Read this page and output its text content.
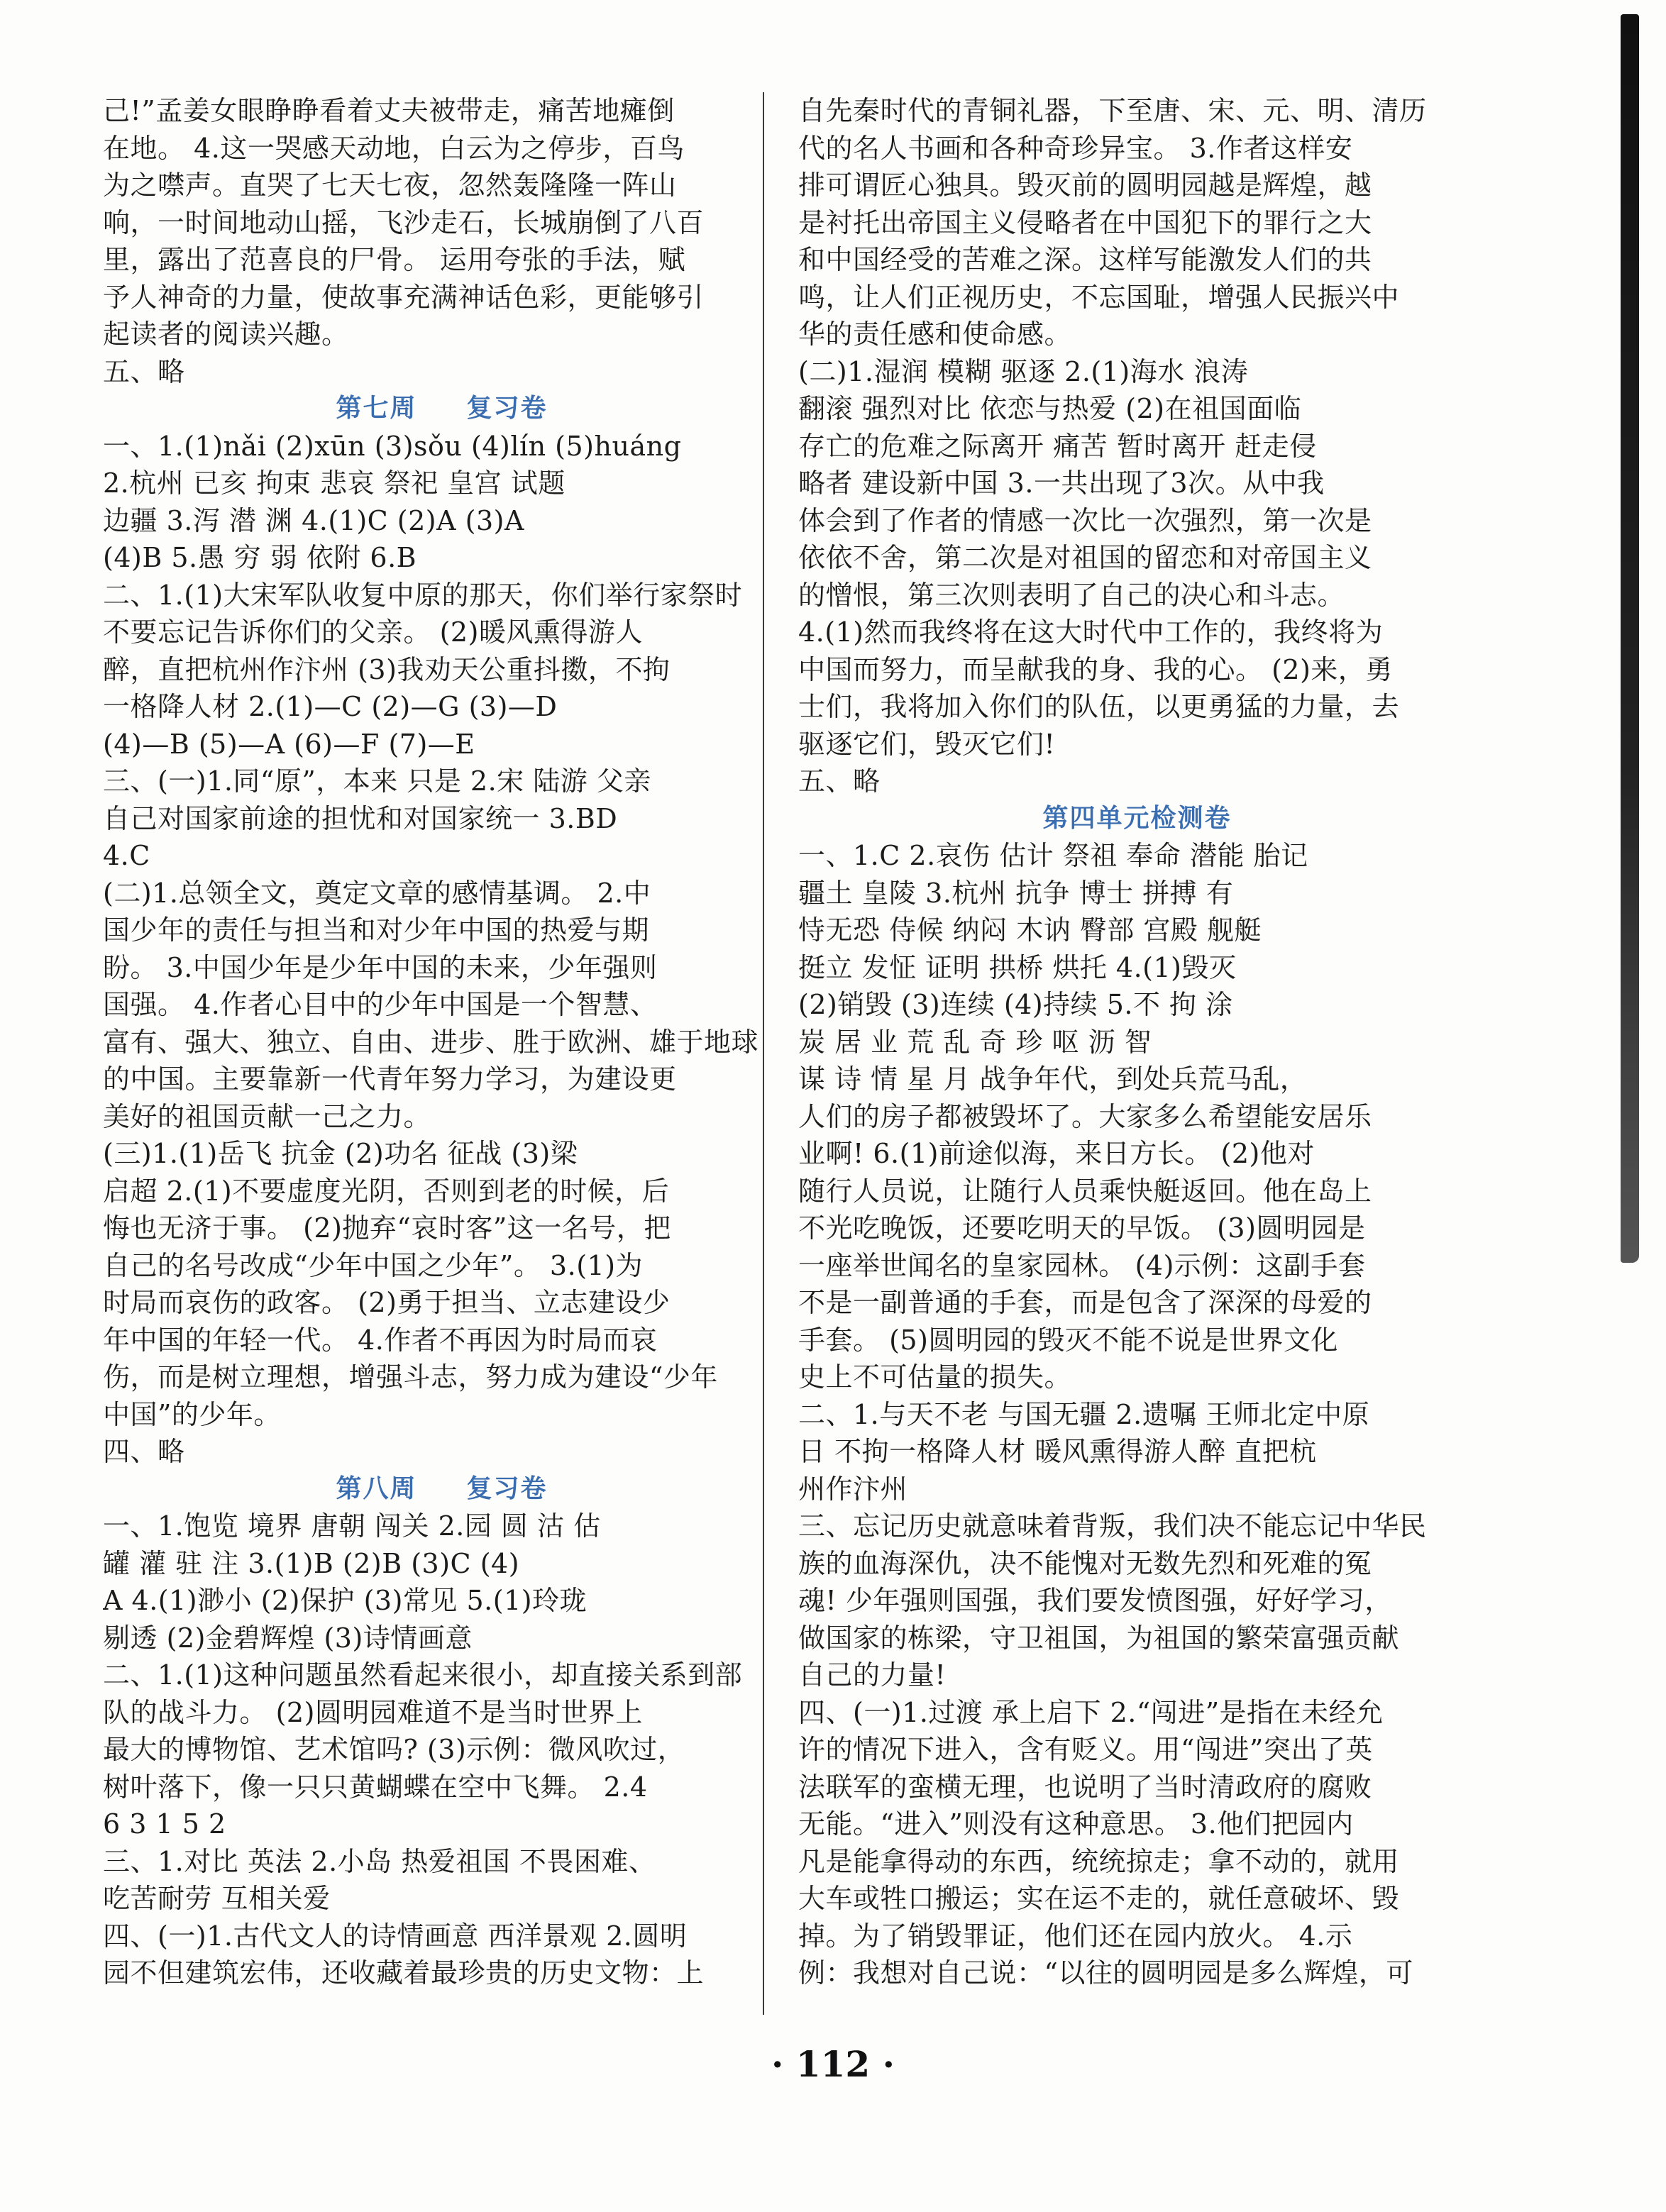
己!”孟姜女眼睁睁看着丈夫被带走，痛苦地瘫倒
在地。 4.这一哭感天动地，白云为之停步，百鸟
为之噤声。直哭了七天七夜，忽然轰隆隆一阵山
响，一时间地动山摇，飞沙走石，长城崩倒了八百
里，露出了范喜良的尸骨。 运用夸张的手法，赋
予人神奇的力量，使故事充满神话色彩，更能够引
起读者的阅读兴趣。
五、略
第七周 复习卷
一、1.(1)nǎi (2)xūn (3)sǒu (4)lín (5)huáng
2.杭州 已亥 拘束 悲哀 祭祀 皇宫 试题
边疆 3.泻 潜 渊 4.(1)C (2)A (3)A
(4)B 5.愚 穷 弱 依附 6.B
二、1.(1)大宋军队收复中原的那天，你们举行家祭时
不要忘记告诉你们的父亲。 (2)暖风熏得游人
醉，直把杭州作汴州 (3)我劝天公重抖擞，不拘
一格降人材 2.(1)—C (2)—G (3)—D
(4)—B (5)—A (6)—F (7)—E
三、(一)1.同“原”，本来 只是 2.宋 陆游 父亲
自己对国家前途的担忧和对国家统一 3.BD
4.C
(二)1.总领全文，奠定文章的感情基调。 2.中
国少年的责任与担当和对少年中国的热爱与期
盼。 3.中国少年是少年中国的未来，少年强则
国强。 4.作者心目中的少年中国是一个智慧、
富有、强大、独立、自由、进步、胜于欧洲、雄于地球
的中国。主要靠新一代青年努力学习，为建设更
美好的祖国贡献一己之力。
(三)1.(1)岳飞 抗金 (2)功名 征战 (3)梁
启超 2.(1)不要虚度光阴，否则到老的时候，后
悔也无济于事。 (2)抛弃“哀时客”这一名号，把
自己的名号改成“少年中国之少年”。 3.(1)为
时局而哀伤的政客。 (2)勇于担当、立志建设少
年中国的年轻一代。 4.作者不再因为时局而哀
伤，而是树立理想，增强斗志，努力成为建设“少年
中国”的少年。
四、略
第八周 复习卷
一、1.饱览 境界 唐朝 闯关 2.园 圆 沽 估
罐 灌 驻 注 3.(1)B (2)B (3)C (4)
A 4.(1)渺小 (2)保护 (3)常见 5.(1)玲珑
剔透 (2)金碧辉煌 (3)诗情画意
二、1.(1)这种问题虽然看起来很小，却直接关系到部
队的战斗力。 (2)圆明园难道不是当时世界上
最大的博物馆、艺术馆吗? (3)示例：微风吹过，
树叶落下，像一只只黄蝴蝶在空中飞舞。 2.4
6 3 1 5 2
三、1.对比 英法 2.小岛 热爱祖国 不畏困难、
吃苦耐劳 互相关爱
四、(一)1.古代文人的诗情画意 西洋景观 2.圆明
园不但建筑宏伟，还收藏着最珍贵的历史文物：上
自先秦时代的青铜礼器，下至唐、宋、元、明、清历
代的名人书画和各种奇珍异宝。 3.作者这样安
排可谓匠心独具。毁灭前的圆明园越是辉煌，越
是衬托出帝国主义侵略者在中国犯下的罪行之大
和中国经受的苦难之深。这样写能激发人们的共
鸣，让人们正视历史，不忘国耻，增强人民振兴中
华的责任感和使命感。
(二)1.湿润 模糊 驱逐 2.(1)海水 浪涛
翻滚 强烈对比 依恋与热爱 (2)在祖国面临
存亡的危难之际离开 痛苦 暂时离开 赶走侵
略者 建设新中国 3.一共出现了3次。从中我
体会到了作者的情感一次比一次强烈，第一次是
依依不舍，第二次是对祖国的留恋和对帝国主义
的憎恨，第三次则表明了自己的决心和斗志。
4.(1)然而我终将在这大时代中工作的，我终将为
中国而努力，而呈献我的身、我的心。 (2)来，勇
士们，我将加入你们的队伍，以更勇猛的力量，去
驱逐它们，毁灭它们!
五、略
第四单元检测卷
一、1.C 2.哀伤 估计 祭祖 奉命 潜能 胎记
疆土 皇陵 3.杭州 抗争 博士 拼搏 有
恃无恐 侍候 纳闷 木讷 臀部 宫殿 舰艇
挺立 发怔 证明 拱桥 烘托 4.(1)毁灭
(2)销毁 (3)连续 (4)持续 5.不 拘 涂
炭 居 业 荒 乱 奇 珍 呕 沥 智
谋 诗 情 星 月 战争年代，到处兵荒马乱，
人们的房子都被毁坏了。大家多么希望能安居乐
业啊! 6.(1)前途似海，来日方长。 (2)他对
随行人员说，让随行人员乘快艇返回。他在岛上
不光吃晚饭，还要吃明天的早饭。 (3)圆明园是
一座举世闻名的皇家园林。 (4)示例：这副手套
不是一副普通的手套，而是包含了深深的母爱的
手套。 (5)圆明园的毁灭不能不说是世界文化
史上不可估量的损失。
二、1.与天不老 与国无疆 2.遗嘱 王师北定中原
日 不拘一格降人材 暖风熏得游人醉 直把杭
州作汴州
三、忘记历史就意味着背叛，我们决不能忘记中华民
族的血海深仇，决不能愧对无数先烈和死难的冤
魂! 少年强则国强，我们要发愤图强，好好学习，
做国家的栋梁，守卫祖国，为祖国的繁荣富强贡献
自己的力量!
四、(一)1.过渡 承上启下 2.“闯进”是指在未经允
许的情况下进入，含有贬义。用“闯进”突出了英
法联军的蛮横无理，也说明了当时清政府的腐败
无能。“进入”则没有这种意思。 3.他们把园内
凡是能拿得动的东西，统统掠走；拿不动的，就用
大车或牲口搬运；实在运不走的，就任意破坏、毁
掉。为了销毁罪证，他们还在园内放火。 4.示
例：我想对自己说：“以往的圆明园是多么辉煌，可
· 112 ·
